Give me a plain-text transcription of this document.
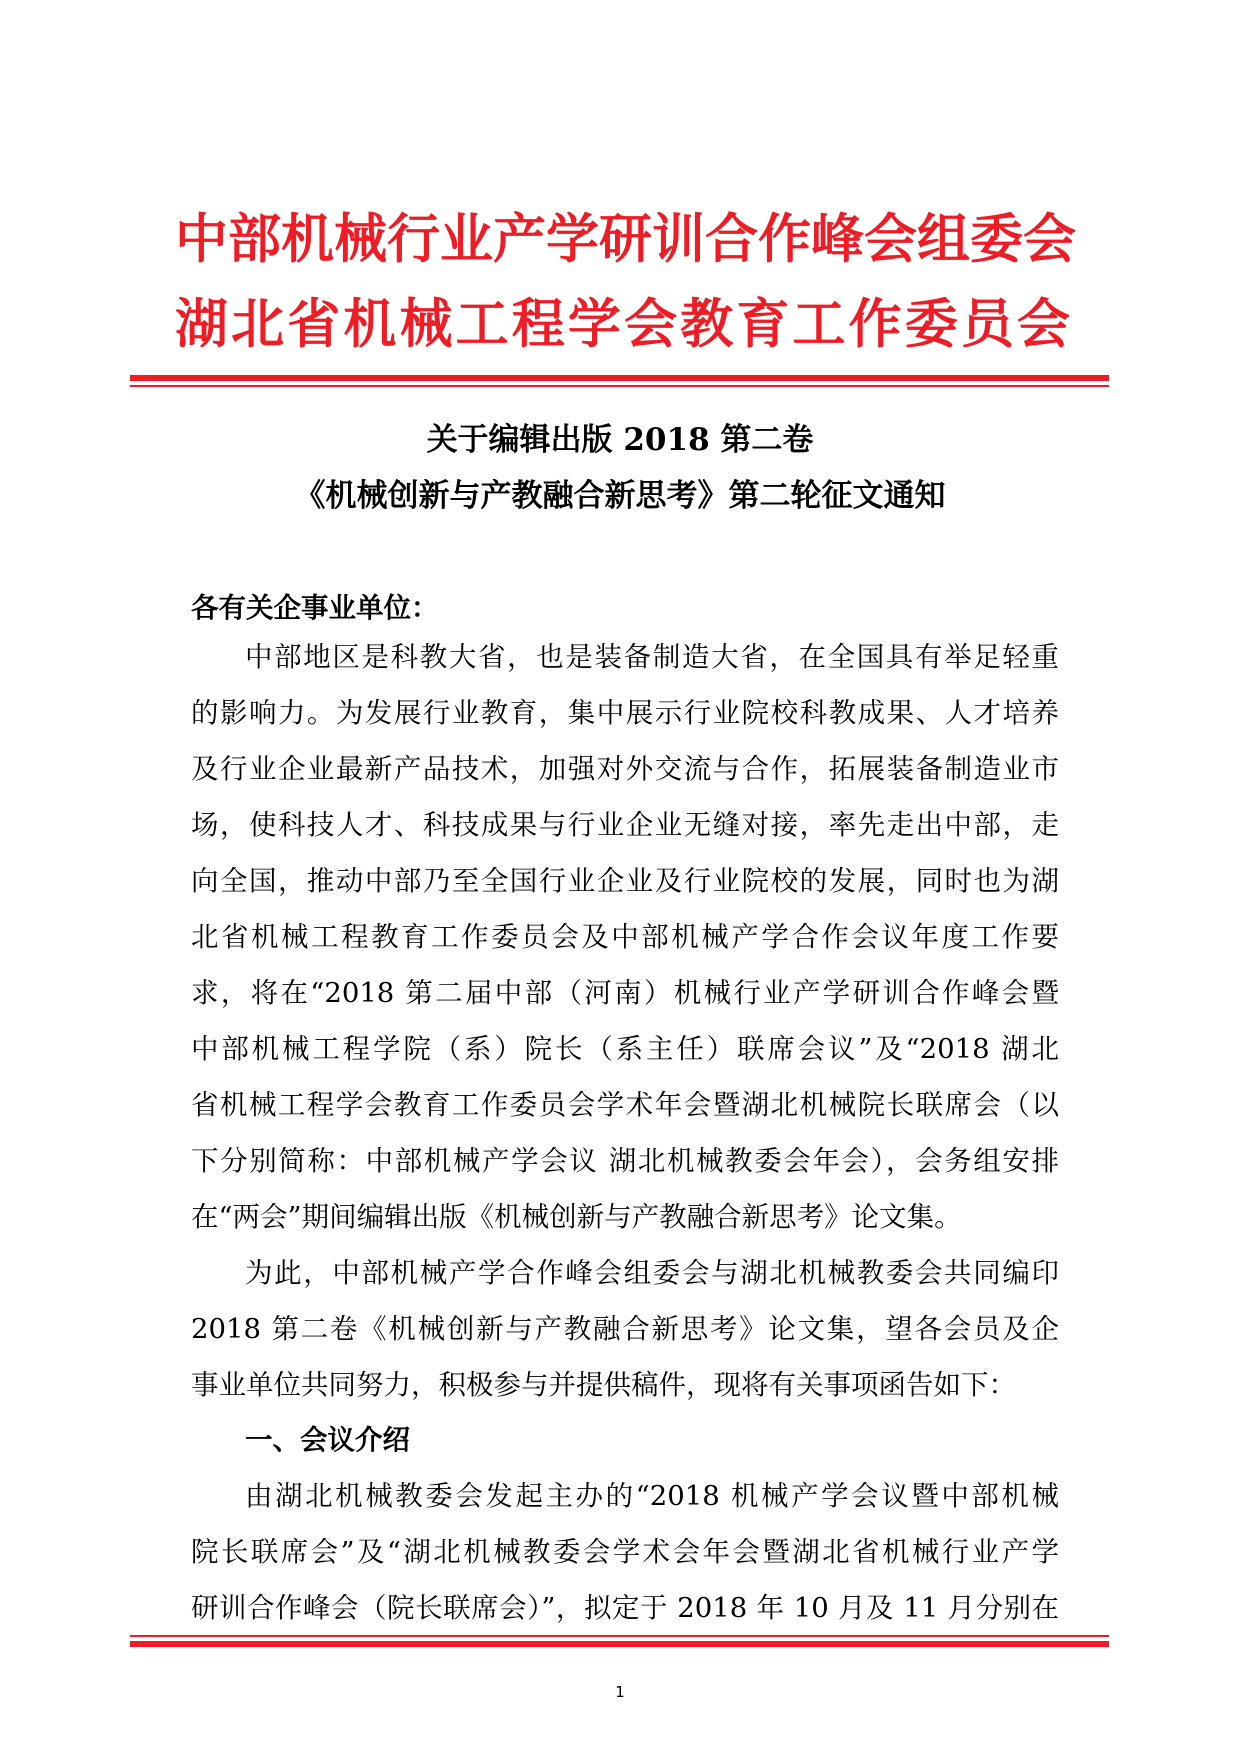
中部机械行业产学研训合作峰会组委会

湖北省机械工程学会教育工作委员会

关于编辑出版 2018 第二卷

《机械创新与产教融合新思考》第二轮征文通知

各有关企事业单位：

中部地区是科教大省，也是装备制造大省，在全国具有举足轻重

的影响力。为发展行业教育，集中展示行业院校科教成果、人才培养

及行业企业最新产品技术，加强对外交流与合作，拓展装备制造业市

场，使科技人才、科技成果与行业企业无缝对接，率先走出中部，走

向全国，推动中部乃至全国行业企业及行业院校的发展，同时也为湖

北省机械工程教育工作委员会及中部机械产学合作会议年度工作要

求，将在“2018 第二届中部（河南）机械行业产学研训合作峰会暨

中部机械工程学院（系）院长（系主任）联席会议”及“2018 湖北

省机械工程学会教育工作委员会学术年会暨湖北机械院长联席会（以

下分别简称：中部机械产学会议 湖北机械教委会年会），会务组安排

在“两会”期间编辑出版《机械创新与产教融合新思考》论文集。

为此，中部机械产学合作峰会组委会与湖北机械教委会共同编印

2018 第二卷《机械创新与产教融合新思考》论文集，望各会员及企

事业单位共同努力，积极参与并提供稿件，现将有关事项函告如下：

一、会议介绍

由湖北机械教委会发起主办的“2018 机械产学会议暨中部机械

院长联席会”及“湖北机械教委会学术会年会暨湖北省机械行业产学

研训合作峰会（院长联席会）”，拟定于 2018 年 10 月及 11 月分别在

1
